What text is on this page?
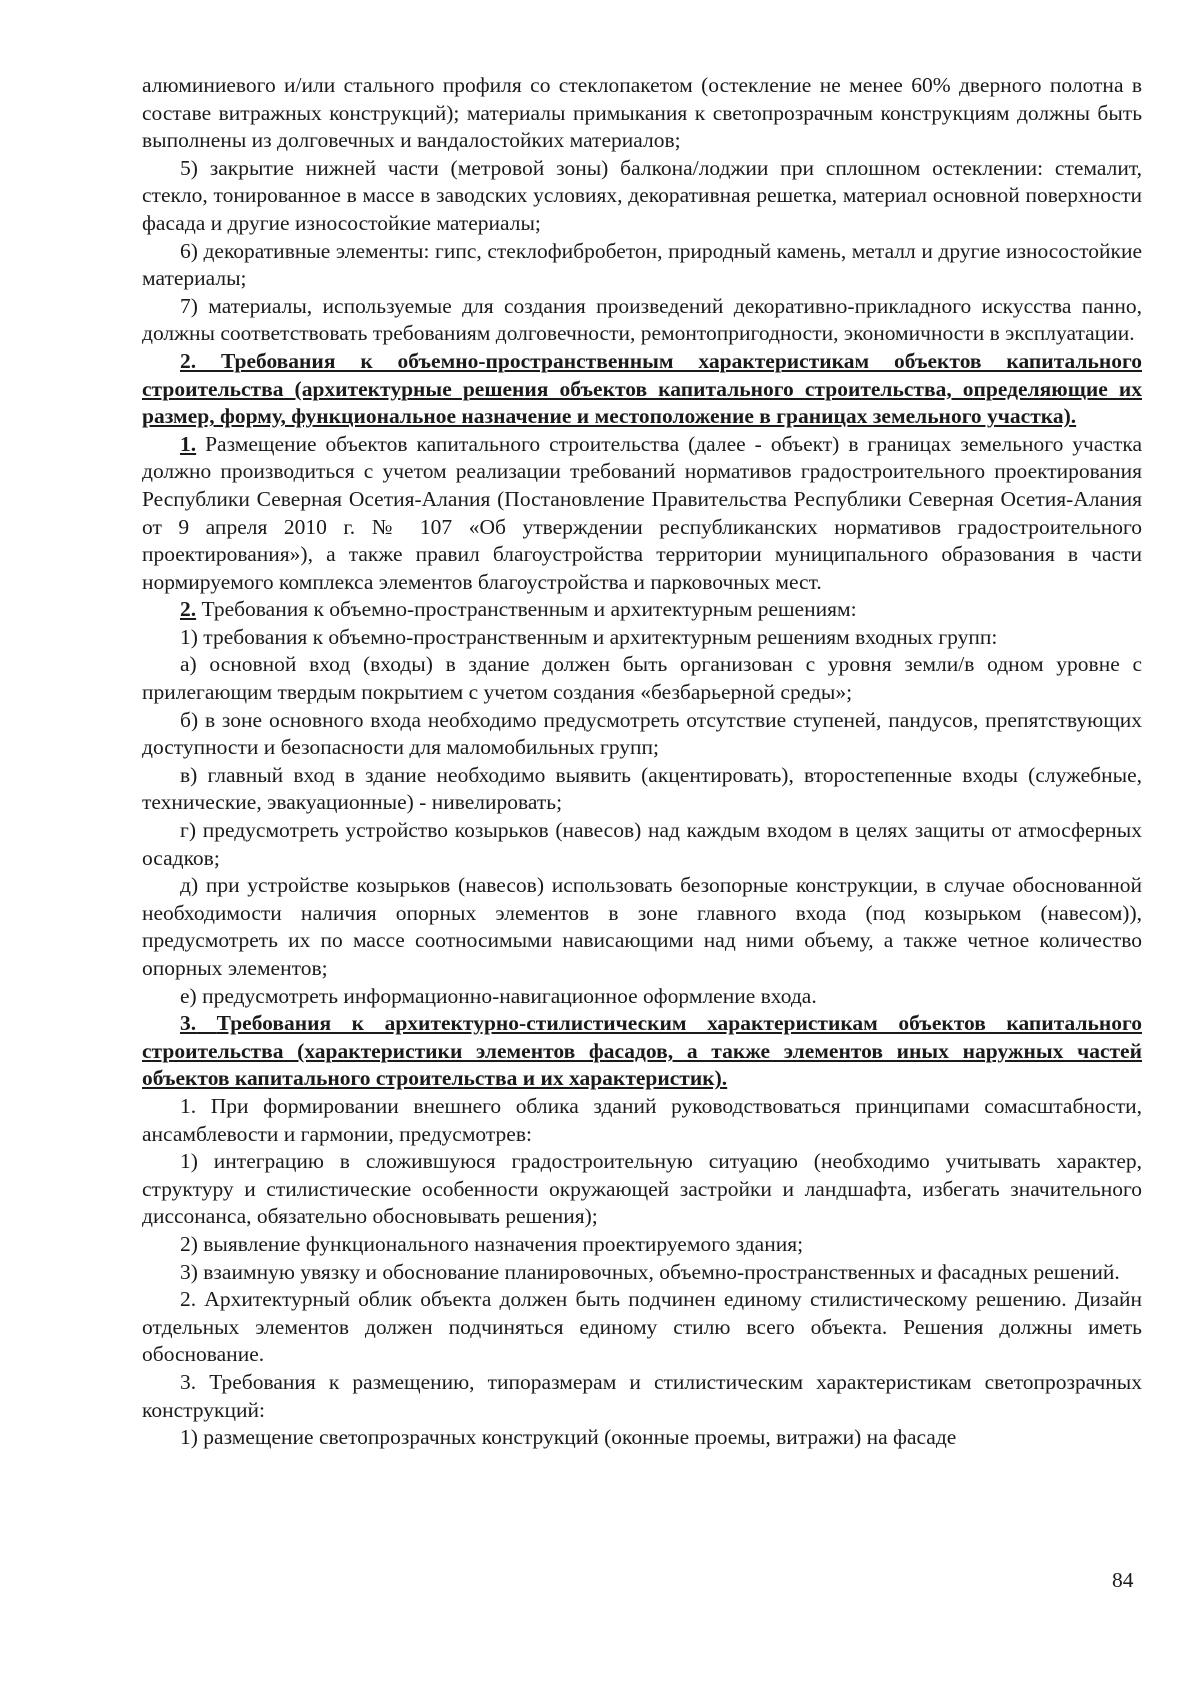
алюминиевого и/или стального профиля со стеклопакетом (остекление не менее 60% дверного полотна в составе витражных конструкций); материалы примыкания к светопрозрачным конструкциям должны быть выполнены из долговечных и вандалостойких материалов;

5) закрытие нижней части (метровой зоны) балкона/лоджии при сплошном остеклении: стемалит, стекло, тонированное в массе в заводских условиях, декоративная решетка, материал основной поверхности фасада и другие износостойкие материалы;

6) декоративные элементы: гипс, стеклофибробетон, природный камень, металл и другие износостойкие материалы;

7) материалы, используемые для создания произведений декоративно-прикладного искусства панно, должны соответствовать требованиям долговечности, ремонтопригодности, экономичности в эксплуатации.

2. Требования к объемно-пространственным характеристикам объектов капитального строительства (архитектурные решения объектов капитального строительства, определяющие их размер, форму, функциональное назначение и местоположение в границах земельного участка).

1. Размещение объектов капитального строительства (далее - объект) в границах земельного участка должно производиться с учетом реализации требований нормативов градостроительного проектирования Республики Северная Осетия-Алания (Постановление Правительства Республики Северная Осетия-Алания от 9 апреля 2010 г. № 107 «Об утверждении республиканских нормативов градостроительного проектирования»), а также правил благоустройства территории муниципального образования в части нормируемого комплекса элементов благоустройства и парковочных мест.

2. Требования к объемно-пространственным и архитектурным решениям:

1) требования к объемно-пространственным и архитектурным решениям входных групп:

а) основной вход (входы) в здание должен быть организован с уровня земли/в одном уровне с прилегающим твердым покрытием с учетом создания «безбарьерной среды»;

б) в зоне основного входа необходимо предусмотреть отсутствие ступеней, пандусов, препятствующих доступности и безопасности для маломобильных групп;

в) главный вход в здание необходимо выявить (акцентировать), второстепенные входы (служебные, технические, эвакуационные) - нивелировать;

г) предусмотреть устройство козырьков (навесов) над каждым входом в целях защиты от атмосферных осадков;

д) при устройстве козырьков (навесов) использовать безопорные конструкции, в случае обоснованной необходимости наличия опорных элементов в зоне главного входа (под козырьком (навесом)), предусмотреть их по массе соотносимыми нависающими над ними объему, а также четное количество опорных элементов;

е) предусмотреть информационно-навигационное оформление входа.

3. Требования к архитектурно-стилистическим характеристикам объектов капитального строительства (характеристики элементов фасадов, а также элементов иных наружных частей объектов капитального строительства и их характеристик).

1. При формировании внешнего облика зданий руководствоваться принципами сомасштабности, ансамблевости и гармонии, предусмотрев:

1) интеграцию в сложившуюся градостроительную ситуацию (необходимо учитывать характер, структуру и стилистические особенности окружающей застройки и ландшафта, избегать значительного диссонанса, обязательно обосновывать решения);

2) выявление функционального назначения проектируемого здания;

3) взаимную увязку и обоснование планировочных, объемно-пространственных и фасадных решений.

2. Архитектурный облик объекта должен быть подчинен единому стилистическому решению. Дизайн отдельных элементов должен подчиняться единому стилю всего объекта. Решения должны иметь обоснование.

3. Требования к размещению, типоразмерам и стилистическим характеристикам светопрозрачных конструкций:

1) размещение светопрозрачных конструкций (оконные проемы, витражи) на фасаде

84
